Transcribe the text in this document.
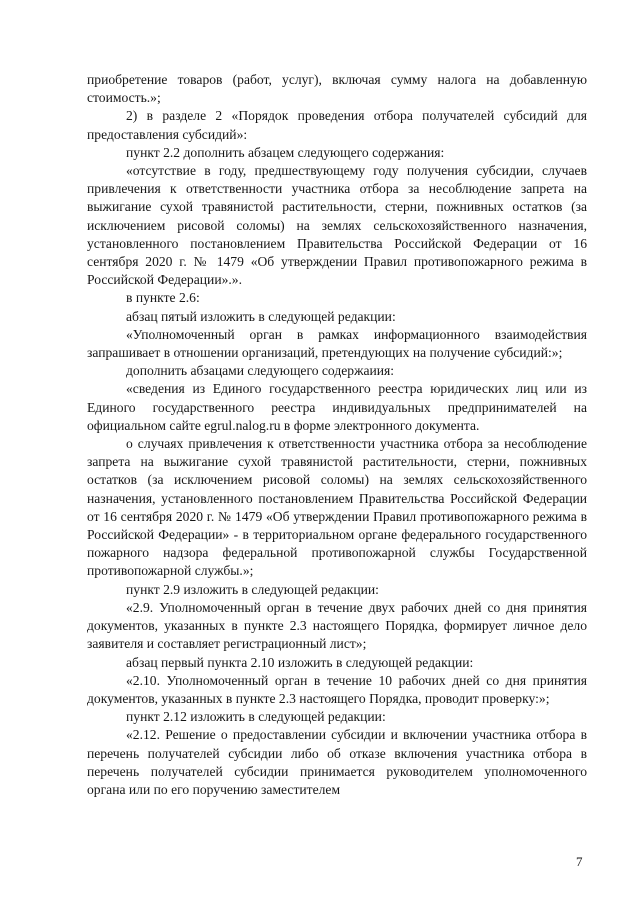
приобретение товаров (работ, услуг), включая сумму налога на добавленную стоимость.»;

2) в разделе 2 «Порядок проведения отбора получателей субсидий для предоставления субсидий»:

пункт 2.2 дополнить абзацем следующего содержания:

«отсутствие в году, предшествующему году получения субсидии, случаев привлечения к ответственности участника отбора за несоблюдение запрета на выжигание сухой травянистой растительности, стерни, пожнивных остатков (за исключением рисовой соломы) на землях сельскохозяйственного назначения, установленного постановлением Правительства Российской Федерации от 16 сентября 2020 г. № 1479 «Об утверждении Правил противопожарного режима в Российской Федерации».».

в пункте 2.6:

абзац пятый изложить в следующей редакции:

«Уполномоченный орган в рамках информационного взаимодействия запрашивает в отношении организаций, претендующих на получение субсидий:»;

дополнить абзацами следующего содержаиия:

«сведения из Единого государственного реестра юридических лиц или из Единого государственного реестра индивидуальных предпринимателей на официальном сайте egrul.nalog.ru в форме электронного документа.

о случаях привлечения к ответственности участника отбора за несоблюдение запрета на выжигание сухой травянистой растительности, стерни, пожнивных остатков (за исключением рисовой соломы) на землях сельскохозяйственного назначения, установленного постановлением Правительства Российской Федерации от 16 сентября 2020 г. № 1479 «Об утверждении Правил противопожарного режима в Российской Федерации» - в территориальном органе федерального государственного пожарного надзора федеральной противопожарной службы Государственной противопожарной службы.»;

пункт 2.9 изложить в следующей редакции:

«2.9. Уполномоченный орган в течение двух рабочих дней со дня принятия документов, указанных в пункте 2.3 настоящего Порядка, формирует личное дело заявителя и составляет регистрационный лист»;

абзац первый пункта 2.10 изложить в следующей редакции:

«2.10. Уполномоченный орган в течение 10 рабочих дней со дня принятия документов, указанных в пункте 2.3 настоящего Порядка, проводит проверку:»;

пункт 2.12 изложить в следующей редакции:

«2.12. Решение о предоставлении субсидии и включении участника отбора в перечень получателей субсидии либо об отказе включения участника отбора в перечень получателей субсидии принимается руководителем уполномоченного органа или по его поручению заместителем

7
